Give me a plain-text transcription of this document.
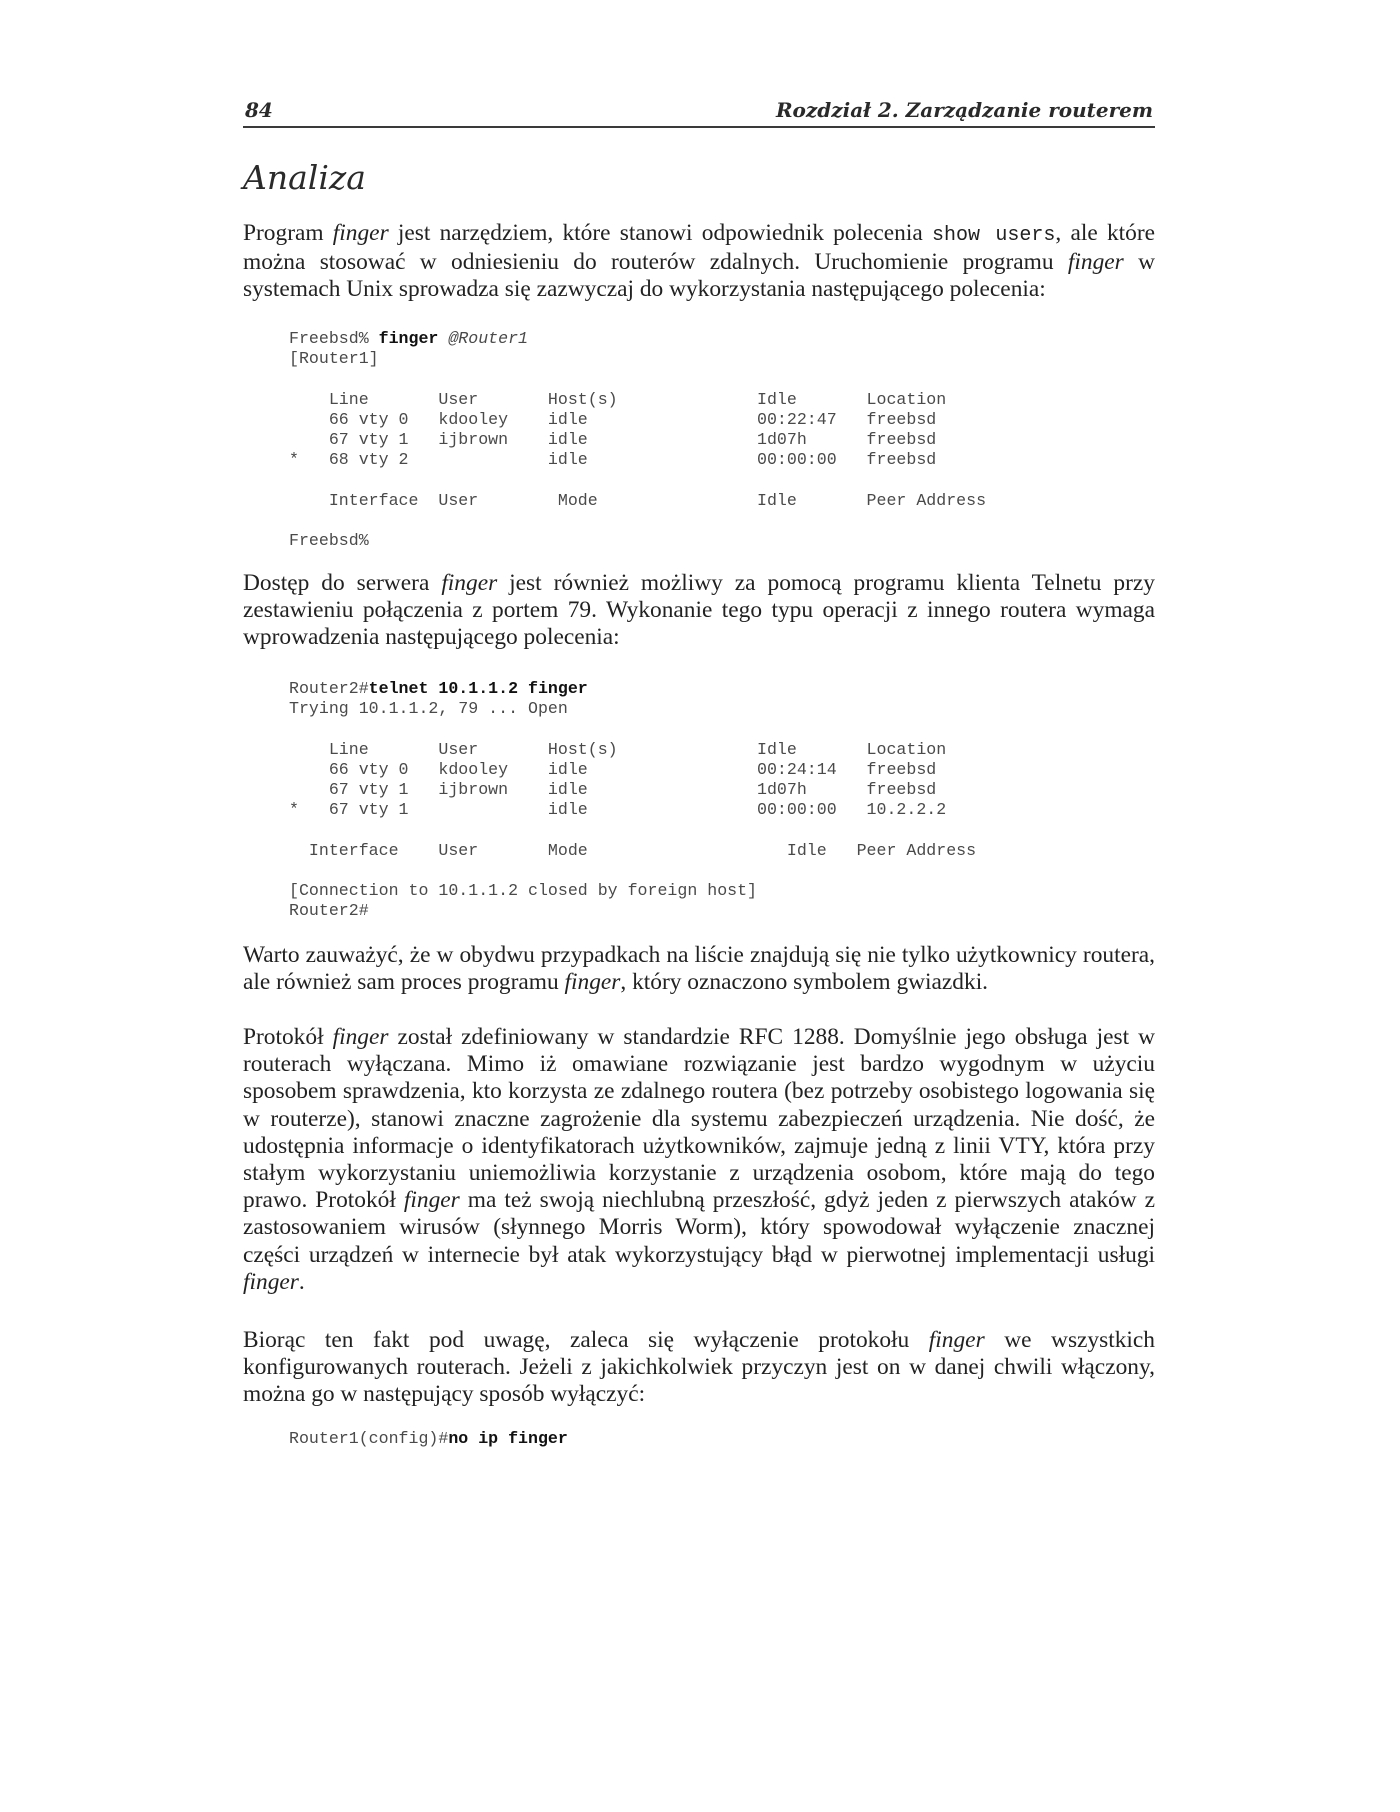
84	Rozdział 2. Zarządzanie routerem
Analiza

Program finger jest narzędziem, które stanowi odpowiednik polecenia show users, ale które można stosować w odniesieniu do routerów zdalnych. Uruchomienie programu finger w systemach Unix sprowadza się zazwyczaj do wykorzystania następującego polecenia:

Freebsd% finger @Router1
[Router1]

Line       User       Host(s)              Idle       Location
66 vty 0   kdooley    idle                 00:22:47   freebsd
67 vty 1   ijbrown    idle                 1d07h      freebsd
*   68 vty 2              idle                 00:00:00   freebsd

Interface  User        Mode                Idle       Peer Address

Freebsd%

Dostęp do serwera finger jest również możliwy za pomocą programu klienta Telnetu przy zestawieniu połączenia z portem 79. Wykonanie tego typu operacji z innego routera wymaga wprowadzenia następującego polecenia:

Router2#telnet 10.1.1.2 finger
Trying 10.1.1.2, 79 ... Open

Line       User       Host(s)              Idle       Location
66 vty 0   kdooley    idle                 00:24:14   freebsd
67 vty 1   ijbrown    idle                 1d07h      freebsd
*   67 vty 1              idle                 00:00:00   10.2.2.2

Interface    User       Mode                    Idle   Peer Address

[Connection to 10.1.1.2 closed by foreign host]
Router2#

Warto zauważyć, że w obydwu przypadkach na liście znajdują się nie tylko użytkownicy routera, ale również sam proces programu finger, który oznaczono symbolem gwiazdki.

Protokół finger został zdefiniowany w standardzie RFC 1288. Domyślnie jego obsługa jest w routerach wyłączana. Mimo iż omawiane rozwiązanie jest bardzo wygodnym w użyciu sposobem sprawdzenia, kto korzysta ze zdalnego routera (bez potrzeby osobistego logowania się w routerze), stanowi znaczne zagrożenie dla systemu zabezpieczeń urządzenia. Nie dość, że udostępnia informacje o identyfikatorach użytkowników, zajmuje jedną z linii VTY, która przy stałym wykorzystaniu uniemożliwia korzystanie z urządzenia osobom, które mają do tego prawo. Protokół finger ma też swoją niechlubną przeszłość, gdyż jeden z pierwszych ataków z zastosowaniem wirusów (słynnego Morris Worm), który spowodował wyłączenie znacznej części urządzeń w internecie był atak wykorzystujący błąd w pierwotnej implementacji usługi finger.

Biorąc ten fakt pod uwagę, zaleca się wyłączenie protokołu finger we wszystkich konfigurowanych routerach. Jeżeli z jakichkolwiek przyczyn jest on w danej chwili włączony, można go w następujący sposób wyłączyć:

Router1(config)#no ip finger
